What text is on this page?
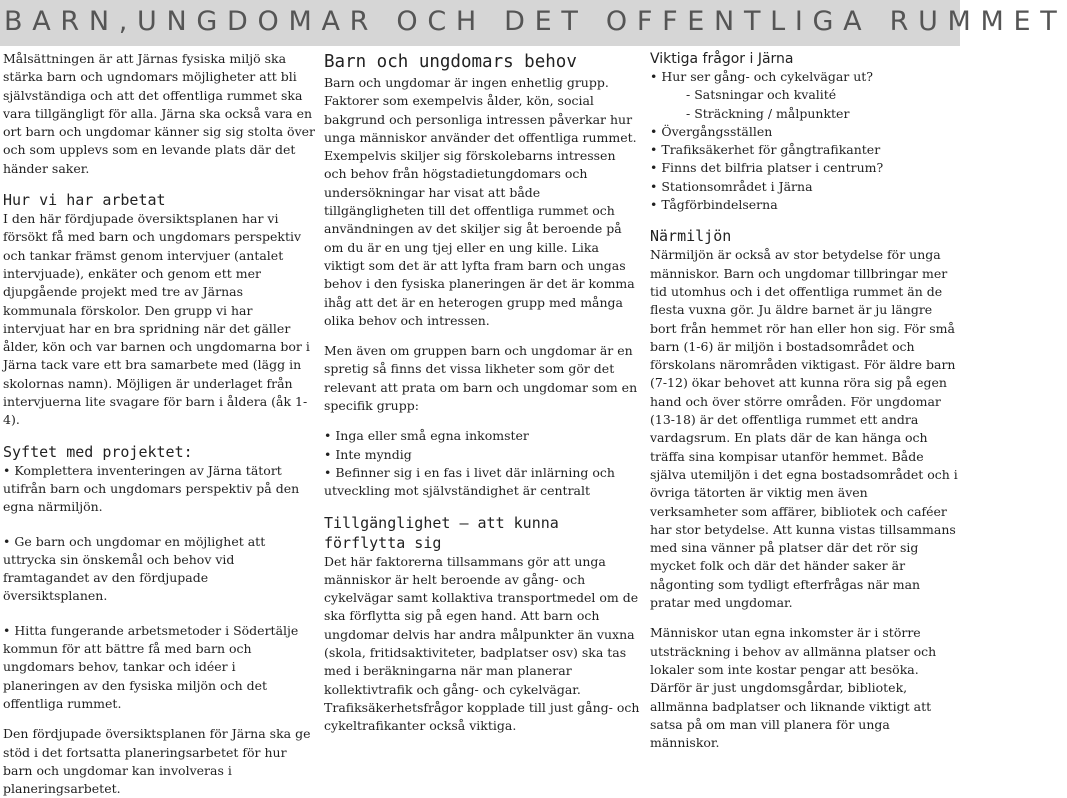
BARN,UNGDOMAR OCH DET OFFENTLIGA RUMMET

Målsättningen är att Järnas fysiska miljö ska stärka barn och ugndomars möjligheter att bli självständiga och att det offentliga rummet ska vara tillgängligt för alla. Järna ska också vara en ort barn och ungdomar känner sig sig stolta över och som upplevs som en levande plats där det händer saker.

Hur vi har arbetat

I den här fördjupade översiktsplanen har vi försökt få med barn och ungdomars perspektiv och tankar främst genom intervjuer (antalet intervjuade), enkäter och genom ett mer djupgående projekt med tre av Järnas kommunala förskolor. Den grupp vi har intervjuat har en bra spridning när det gäller ålder, kön och var barnen och ungdomarna bor i Järna tack vare ett bra samarbete med (lägg in skolornas namn). Möjligen är underlaget från intervjuerna lite svagare för barn i åldera (åk 1-4).

Syftet med projektet:
• Komplettera inventeringen av Järna tätort utifrån barn och ungdomars perspektiv på den egna närmiljön.
• Ge barn och ungdomar en möjlighet att uttrycka sin önskemål och behov vid framtagandet av den fördjupade översiktsplanen.
• Hitta fungerande arbetsmetoder i Södertälje kommun för att bättre få med barn och ungdomars behov, tankar och idéer i planeringen av den fysiska miljön och det offentliga rummet.

Den fördjupade översiktsplanen för Järna ska ge stöd i det fortsatta planeringsarbetet för hur barn och ungdomar kan involveras i planeringsarbetet.

Barn och ungdomars behov

Barn och ungdomar är ingen enhetlig grupp. Faktorer som exempelvis ålder, kön, social bakgrund och personliga intressen påverkar hur unga människor använder det offentliga rummet. Exempelvis skiljer sig förskolebarns intressen och behov från högstadietungdomars och undersökningar har visat att både tillgängligheten till det offentliga rummet och användningen av det skiljer sig åt beroende på om du är en ung tjej eller en ung kille. Lika viktigt som det är att lyfta fram barn och ungas behov i den fysiska planeringen är det är komma ihåg att det är en heterogen grupp med många olika behov och intressen.

Men även om gruppen barn och ungdomar är en spretig så finns det vissa likheter som gör det relevant att prata om barn och ungdomar som en specifik grupp:

• Inga eller små egna inkomster
• Inte myndig
• Befinner sig i en fas i livet där inlärning och utveckling mot självständighet är centralt
Tillgänglighet – att kunna förflytta sig

Det här faktorerna tillsammans gör att unga människor är helt beroende av gång- och cykelvägar samt kollaktiva transportmedel om de ska förflytta sig på egen hand. Att barn och ungdomar delvis har andra målpunkter än vuxna (skola, fritidsaktiviteter, badplatser osv) ska tas med i beräkningarna när man planerar kollektivtrafik och gång- och cykelvägar. Trafiksäkerhetsfrågor kopplade till just gång- och cykeltrafikanter också viktiga.

Viktiga frågor i Järna
• Hur ser gång- och cykelvägar ut?
- Satsningar och kvalité
- Sträckning / målpunkter
• Övergångsställen
• Trafiksäkerhet för gångtrafikanter
• Finns det bilfria platser i centrum?
• Stationsområdet i Järna
• Tågförbindelserna
Närmiljön

Närmiljön är också av stor betydelse för unga människor. Barn och ungdomar tillbringar mer tid utomhus och i det offentliga rummet än de flesta vuxna gör. Ju äldre barnet är ju längre bort från hemmet rör han eller hon sig. För små barn (1-6) är miljön i bostadsområdet och förskolans närområden viktigast. För äldre barn (7-12) ökar behovet att kunna röra sig på egen hand och över större områden. För ungdomar (13-18) är det offentliga rummet ett andra vardagsrum. En plats där de kan hänga och träffa sina kompisar utanför hemmet. Både själva utemiljön i det egna bostadsområdet och i övriga tätorten är viktig men även verksamheter som affärer, bibliotek och caféer har stor betydelse. Att kunna vistas tillsammans med sina vänner på platser där det rör sig mycket folk och där det händer saker är någonting som tydligt efterfrågas när man pratar med ungdomar.

Människor utan egna inkomster är i större utsträckning i behov av allmänna platser och lokaler som inte kostar pengar att besöka. Därför är just ungdomsgårdar, bibliotek, allmänna badplatser och liknande viktigt att satsa på om man vill planera för unga människor.
